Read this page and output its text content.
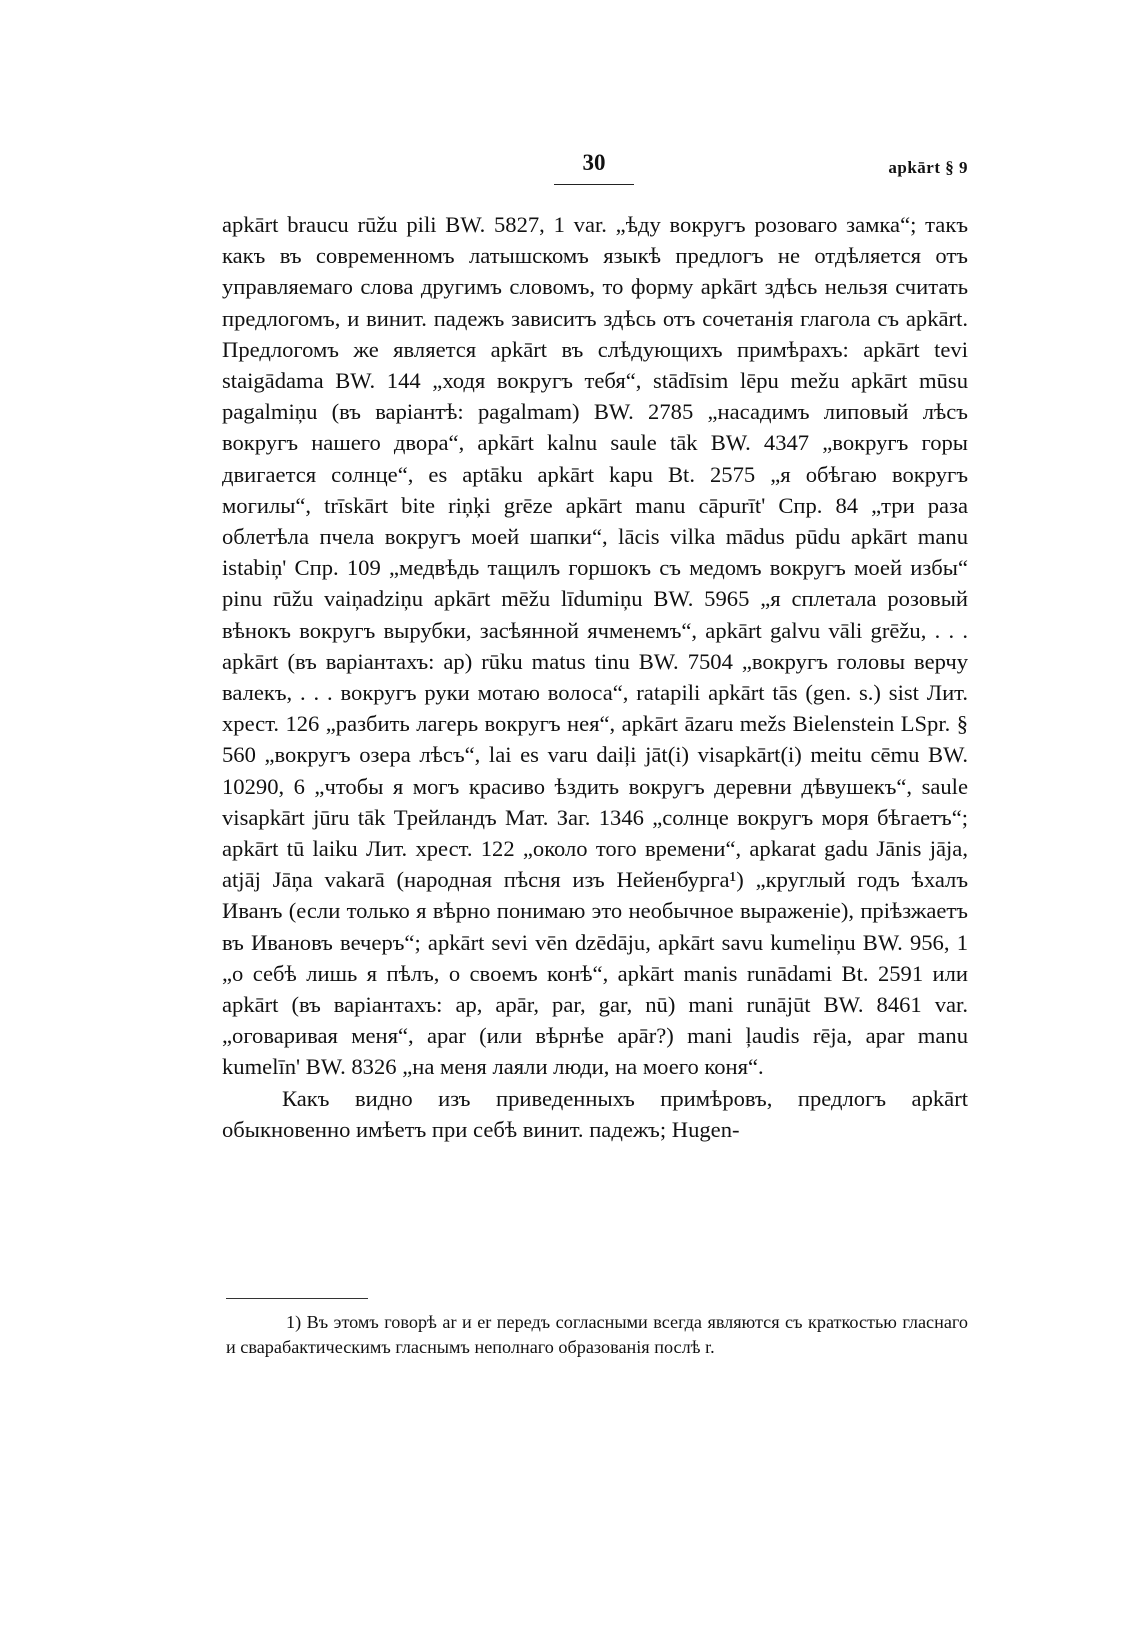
30	apkārt § 9

apkārt braucu rūžu pili BW. 5827, 1 var. „ѣду вокругъ розоваго замка“; такъ какъ въ современномъ латышскомъ языкѣ предлогъ не отдѣляется отъ управляемаго слова другимъ словомъ, то форму apkārt здѣсь нельзя считать предлогомъ, и винит. падежъ зависитъ здѣсь отъ сочетанія глагола съ apkārt. Предлогомъ же является apkārt въ слѣдующихъ примѣрахъ: apkārt tevi staigādama BW. 144 „ходя вокругъ тебя“, stādīsim lēpu mežu apkārt mūsu pagalmiņu (въ варіантѣ: pagalmam) BW. 2785 „насадимъ липовый лѣсъ вокругъ нашего двора“, apkārt kalnu saule tāk BW. 4347 „вокругъ горы двигается солнце“, es aptāku apkārt kapu Bt. 2575 „я обѣгаю вокругъ могилы“, trīskārt bite riņķi grēze apkārt manu cāpurīt' Спр. 84 „три раза облетѣла пчела вокругъ моей шапки“, lācis vilka mādus pūdu apkārt manu istabiņ' Спр. 109 „медвѣдь тащилъ горшокъ съ медомъ вокругъ моей избы“ pinu rūžu vaiņadziņu apkārt mēžu līdumiņu BW. 5965 „я сплетала розовый вѣнокъ вокругъ вырубки, засѣянной ячменемъ“, apkārt galvu vāli grēžu, . . . apkārt (въ варіантахъ: ap) rūku matus tinu BW. 7504 „вокругъ головы верчу валекъ, . . . вокругъ руки мотаю волоса“, ratapili apkārt tās (gen. s.) sist Лит. хрест. 126 „разбить лагерь вокругъ нея“, apkārt āzaru mežs Bielenstein LSpr. § 560 „вокругъ озера лѣсъ“, lai es varu daiļi jāt(i) visapkārt(i) meitu cēmu BW. 10290, 6 „чтобы я могъ красиво ѣздить вокругъ деревни дѣвушекъ“, saule visapkārt jūru tāk Трейландъ Мат. Заг. 1346 „солнце вокругъ моря бѣгаетъ“; apkārt tū laiku Лит. хрест. 122 „около того времени“, apkarat gadu Jānis jāja, atjāj Jāņa vakarā (народная пѣсня изъ Нейенбурга¹) „круглый годъ ѣхалъ Иванъ (если только я вѣрно понимаю это необычное выраженіе), пріѣзжаетъ въ Ивановъ вечеръ“; apkārt sevi vēn dzēdāju, apkārt savu kumeliņu BW. 956, 1 „о себѣ лишь я пѣлъ, о своемъ конѣ“, apkārt manis runādami Bt. 2591 или apkārt (въ варіантахъ: ap, apār, par, gar, nū) mani runājūt BW. 8461 var. „оговаривая меня“, apar (или вѣрнѣе apār?) mani ļaudis rēja, apar manu kumelīn' BW. 8326 „на меня лаяли люди, на моего коня“.

Какъ видно изъ приведенныхъ примѣровъ, предлогъ apkārt обыкновенно имѣетъ при себѣ винит. падежъ; Hugen-

1) Въ этомъ говорѣ ar и er передъ согласными всегда являются съ краткостью гласнаго и сварабактическимъ гласнымъ неполнаго образованія послѣ r.
